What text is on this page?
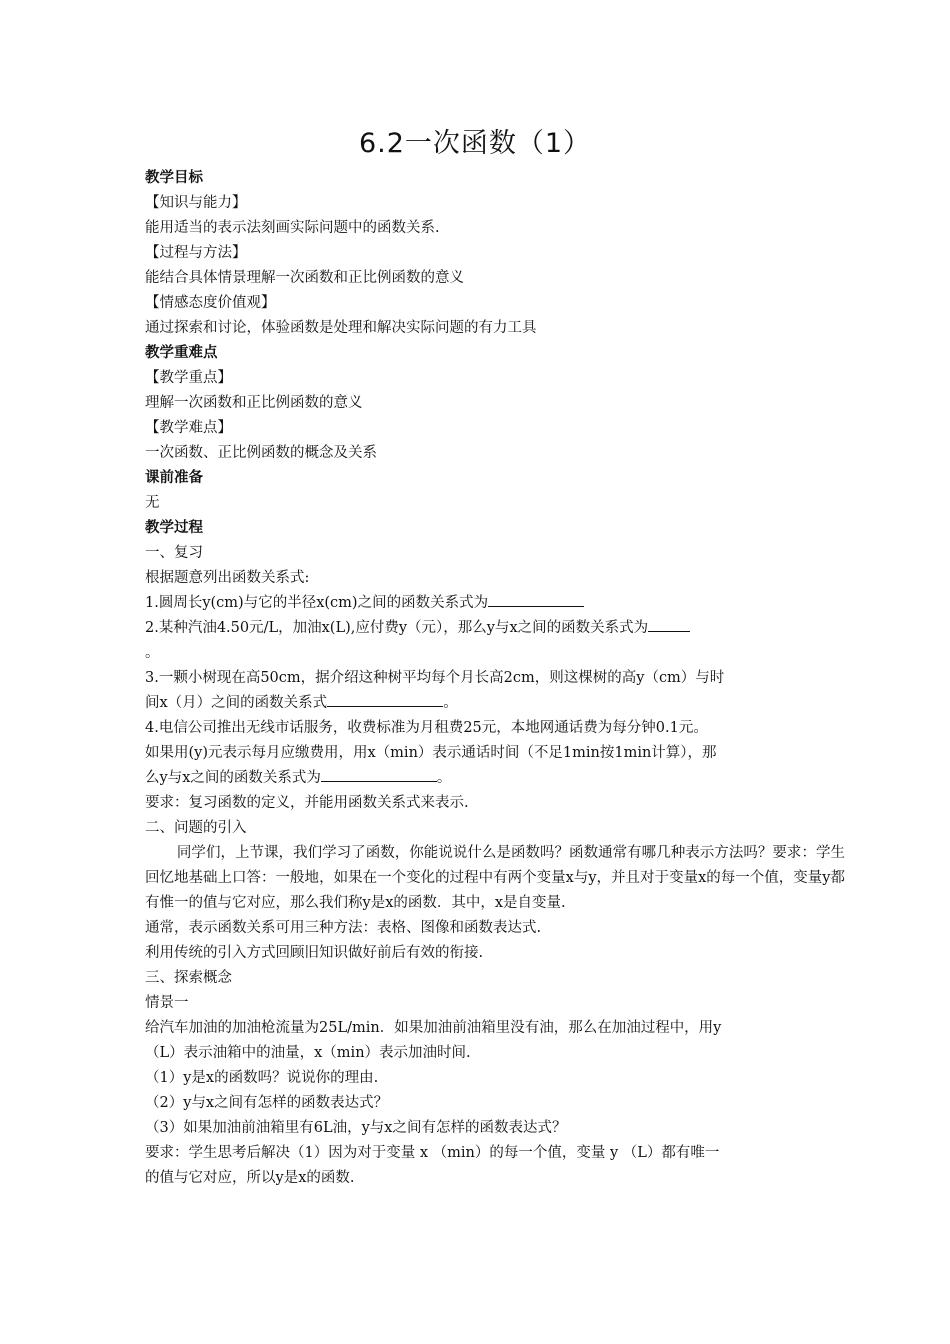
6.2一次函数（1）
教学目标
【知识与能力】
能用适当的表示法刻画实际问题中的函数关系.
【过程与方法】
能结合具体情景理解一次函数和正比例函数的意义
【情感态度价值观】
通过探索和讨论，体验函数是处理和解决实际问题的有力工具
教学重难点
【教学重点】
理解一次函数和正比例函数的意义
【教学难点】
一次函数、正比例函数的概念及关系
课前准备
无
教学过程
一、复习
根据题意列出函数关系式:
1.圆周长y(cm)与它的半径x(cm)之间的函数关系式为
2.某种汽油4.50元/L，加油x(L),应付费y（元），那么y与x之间的函数关系式为
。
3.一颗小树现在高50cm，据介绍这种树平均每个月长高2cm，则这棵树的高y（cm）与时
间x（月）之间的函数关系式	。
4.电信公司推出无线市话服务，收费标准为月租费25元，本地网通话费为每分钟0.1元。
如果用(y)元表示每月应缴费用，用x（min）表示通话时间（不足1min按1min计算），那
么y与x之间的函数关系式为	。
要求：复习函数的定义，并能用函数关系式来表示.
二、问题的引入
同学们，上节课，我们学习了函数，你能说说什么是函数吗？函数通常有哪几种表示方法吗？要求：学生回忆地基础上口答：一般地，如果在一个变化的过程中有两个变量x与y，并且对于变量x的每一个值，变量y都有惟一的值与它对应，那么我们称y是x的函数．其中，x是自变量.
通常，表示函数关系可用三种方法：表格、图像和函数表达式.
利用传统的引入方式回顾旧知识做好前后有效的衔接.
三、探索概念
情景一
给汽车加油的加油枪流量为25L/min．如果加油前油箱里没有油，那么在加油过程中，用y
（L）表示油箱中的油量，x（min）表示加油时间.
（1）y是x的函数吗？说说你的理由.
（2）y与x之间有怎样的函数表达式？
（3）如果加油前油箱里有6L油，y与x之间有怎样的函数表达式？
要求：学生思考后解决（1）因为对于变量 x （min）的每一个值，变量 y （L）都有唯一
的值与它对应，所以y是x的函数.
